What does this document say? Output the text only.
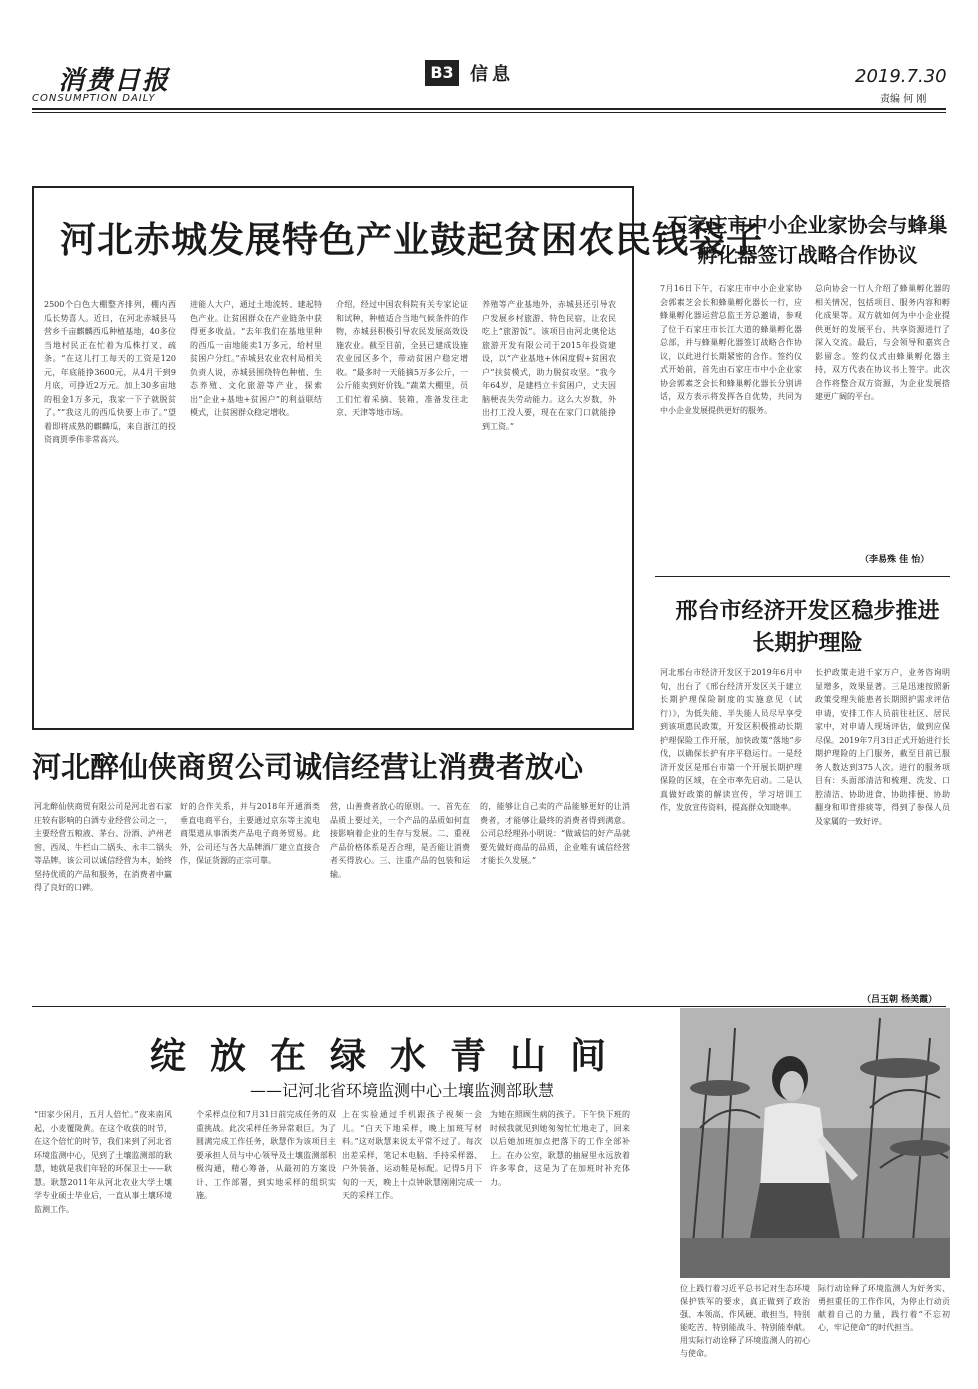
消费日报
CONSUMPTION DAILY
B3 信息	2019.7.30
责编 何 刚
河北赤城发展特色产业鼓起贫困农民钱袋子
2500个白色大棚整齐排列，棚内西瓜长势喜人。近日，在河北赤城县马营乡千亩麒麟西瓜种植基地，40多位当地村民正在忙着为瓜株打叉、疏条。“在这儿打工每天的工资是120元，年底能挣3600元，从4月干到9月底，可挣近2万元。加上30多亩地的租金1万多元，我家一下子就脱贫了。”“我这儿的西瓜快要上市了。”望着即将成熟的麒麟瓜，来自浙江的投资商贾季伟非常高兴。
进能人大户，通过土地流转、建起特色产业。让贫困群众在产业链条中获得更多收益。“去年我们在基地里种的西瓜一亩地能卖1万多元，给村里贫困户分红。”赤城县农业农村局相关负责人说，赤城县围绕特色种植、生态养殖、文化旅游等产业，探索出“企业+基地+贫困户”的利益联结模式，让贫困群众稳定增收。
介绍，经过中国农科院有关专家论证和试种，种植适合当地气候条件的作物，赤城县积极引导农民发展高效设施农业。截至目前，全县已建成设施农业园区多个，带动贫困户稳定增收。“最多时一天能摘5万多公斤，一公斤能卖到好价钱。”蔬菜大棚里，员工们忙着采摘、装箱，准备发往北京、天津等地市场。
养殖等产业基地外，赤城县还引导农户发展乡村旅游、特色民宿，让农民吃上“旅游饭”。该项目由河北奥伦达旅游开发有限公司于2015年投资建设，以“产业基地+休闲度假+贫困农户”扶贫模式，助力脱贫攻坚。“我今年64岁，是建档立卡贫困户，丈夫因脑梗丧失劳动能力。这么大岁数，外出打工没人要，现在在家门口就能挣到工资。”
石家庄市中小企业家协会与蜂巢孵化器签订战略合作协议
7月16日下午，石家庄市中小企业家协会郭素芝会长和蜂巢孵化器长一行，应蜂巢孵化器运营总监王芳总邀请，参观了位于石家庄市长江大道的蜂巢孵化器总部，并与蜂巢孵化器签订战略合作协议，以此进行长期紧密的合作。签约仪式开始前，首先由石家庄市中小企业家协会郭素芝会长和蜂巢孵化器长分别讲话，双方表示将发挥各自优势，共同为中小企业发展提供更好的服务。
总向协会一行人介绍了蜂巢孵化器的相关情况，包括项目、服务内容和孵化成果等。双方就如何为中小企业提供更好的发展平台、共享资源进行了深入交流。最后，与会领导和嘉宾合影留念。签约仪式由蜂巢孵化器主持，双方代表在协议书上签字。此次合作将整合双方资源，为企业发展搭建更广阔的平台。
（李易殊 佳 怡）
邢台市经济开发区稳步推进长期护理险
河北邢台市经济开发区于2019年6月中旬，出台了《邢台经济开发区关于建立长期护理保险制度的实施意见（试行）》，为低失能、半失能人员尽早享受到该项惠民政策，开发区积极推动长期护理保险工作开展，加快政策“落地”步伐，以确保长护有序平稳运行。一是经济开发区是邢台市第一个开展长期护理保险的区域，在全市率先启动。二是认真做好政策的解读宣传，学习培训工作，发放宣传资料，提高群众知晓率。
长护政策走进千家万户，业务咨询明显增多，效果显著。三是迅速按照新政策受理失能患者长期照护需求评估申请，安排工作人员前往社区、居民家中，对申请人现场评估，做到应保尽保。2019年7月3日正式开始进行长期护理险的上门服务，截至目前已服务人数达到375人次。进行的服务项目有：头面部清洁和梳理、洗发、口腔清洁、协助进食、协助排便、协助翻身和叩背排痰等，得到了参保人员及家属的一致好评。
（吕玉朝 杨美霞）
河北醉仙侠商贸公司诚信经营让消费者放心
河北醉仙侠商贸有限公司是河北省石家庄较有影响的白酒专业经营公司之一，主要经营五粮液、茅台、汾酒、泸州老窖、西凤、牛栏山二锅头、永丰二锅头等品牌。该公司以诚信经营为本，始终坚持优质的产品和服务，在消费者中赢得了良好的口碑。
好的合作关系，并与2018年开通酒类垂直电商平台，主要通过京东等主流电商渠道从事酒类产品电子商务贸易。此外，公司还与各大品牌酒厂建立直接合作，保证货源的正宗可靠。
营，山善费者放心的原则。一、首先在品质上要过关，一个产品的品质如何直接影响着企业的生存与发展。二、重视产品价格体系是否合理，是否能让消费者买得放心。三、注重产品的包装和运输。
的，能够让自己卖的产品能够更好的让消费者，才能够让最终的消费者得到满意。公司总经理孙小明说：“做诚信的好产品就要先做好商品的品质，企业唯有诚信经营才能长久发展。”
绽放在绿水青山间
——记河北省环境监测中心土壤监测部耿慧
“田家少闲月，五月人倍忙。”夜来南风起，小麦覆陇黄。在这个收获的时节，在这个倍忙的时节，我们来到了河北省环境监测中心，见到了土壤监测部的耿慧，她就是我们年轻的环保卫士——耿慧。耿慧2011年从河北农业大学土壤学专业硕士毕业后，一直从事土壤环境监测工作。
个采样点位和7月31日前完成任务的双重挑战。此次采样任务异常艰巨。为了圆满完成工作任务，耿慧作为该项目主要承担人员与中心领导及土壤监测部积极沟通，精心筹备，从最初的方案设计、工作部署，到实地采样的组织实施。
上在实验通过手机跟孩子视频一会儿。“白天下地采样，晚上加班写材料。”这对耿慧来说太平常不过了。每次出差采样，笔记本电脑、手持采样器、户外装备、运动鞋是标配。记得5月下旬的一天，晚上十点钟耿慧刚刚完成一天的采样工作。
为她在照顾生病的孩子。下午快下班的时候我就见到她匆匆忙忙地走了，回来以后她加班加点把落下的工作全部补上。在办公室，耿慧的抽屉里永远放着许多零食，这是为了在加班时补充体力。
位上践行着习近平总书记对生态环境保护铁军的要求，真正做到了政治强、本领高、作风硬、敢担当，特别能吃苦、特别能战斗、特别能奉献。用实际行动诠释了环境监测人的初心与使命。
际行动诠释了环境监测人为好务实、勇担重任的工作作风，为停止行动贡献着自己的力量，践行着“不忘初心，牢记使命”的时代担当。
